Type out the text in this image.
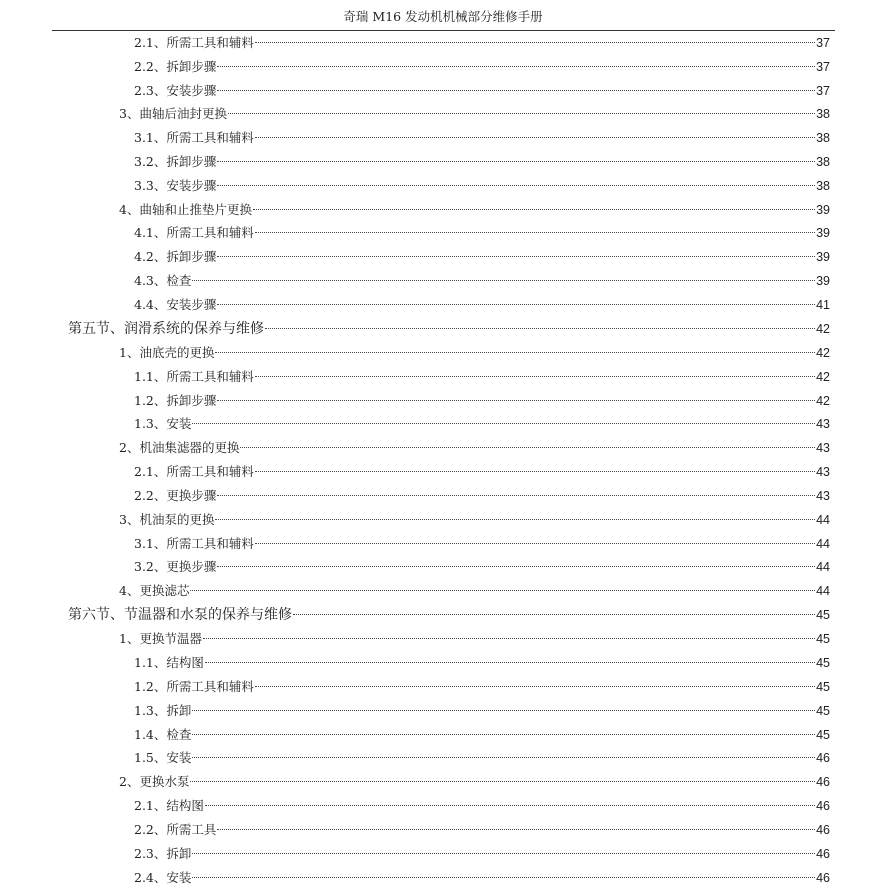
奇瑞 M16 发动机机械部分维修手册
2.1、所需工具和辅料	37
2.2、拆卸步骤	37
2.3、安装步骤	37
3、曲轴后油封更换	38
3.1、所需工具和辅料	38
3.2、拆卸步骤	38
3.3、安装步骤	38
4、曲轴和止推垫片更换	39
4.1、所需工具和辅料	39
4.2、拆卸步骤	39
4.3、检查	39
4.4、安装步骤	41
第五节、润滑系统的保养与维修	42
1、油底壳的更换	42
1.1、所需工具和辅料	42
1.2、拆卸步骤	42
1.3、安装	43
2、机油集滤器的更换	43
2.1、所需工具和辅料	43
2.2、更换步骤	43
3、机油泵的更换	44
3.1、所需工具和辅料	44
3.2、更换步骤	44
4、更换滤芯	44
第六节、节温器和水泵的保养与维修	45
1、更换节温器	45
1.1、结构图	45
1.2、所需工具和辅料	45
1.3、拆卸	45
1.4、检查	45
1.5、安装	46
2、更换水泵	46
2.1、结构图	46
2.2、所需工具	46
2.3、拆卸	46
2.4、安装	46
